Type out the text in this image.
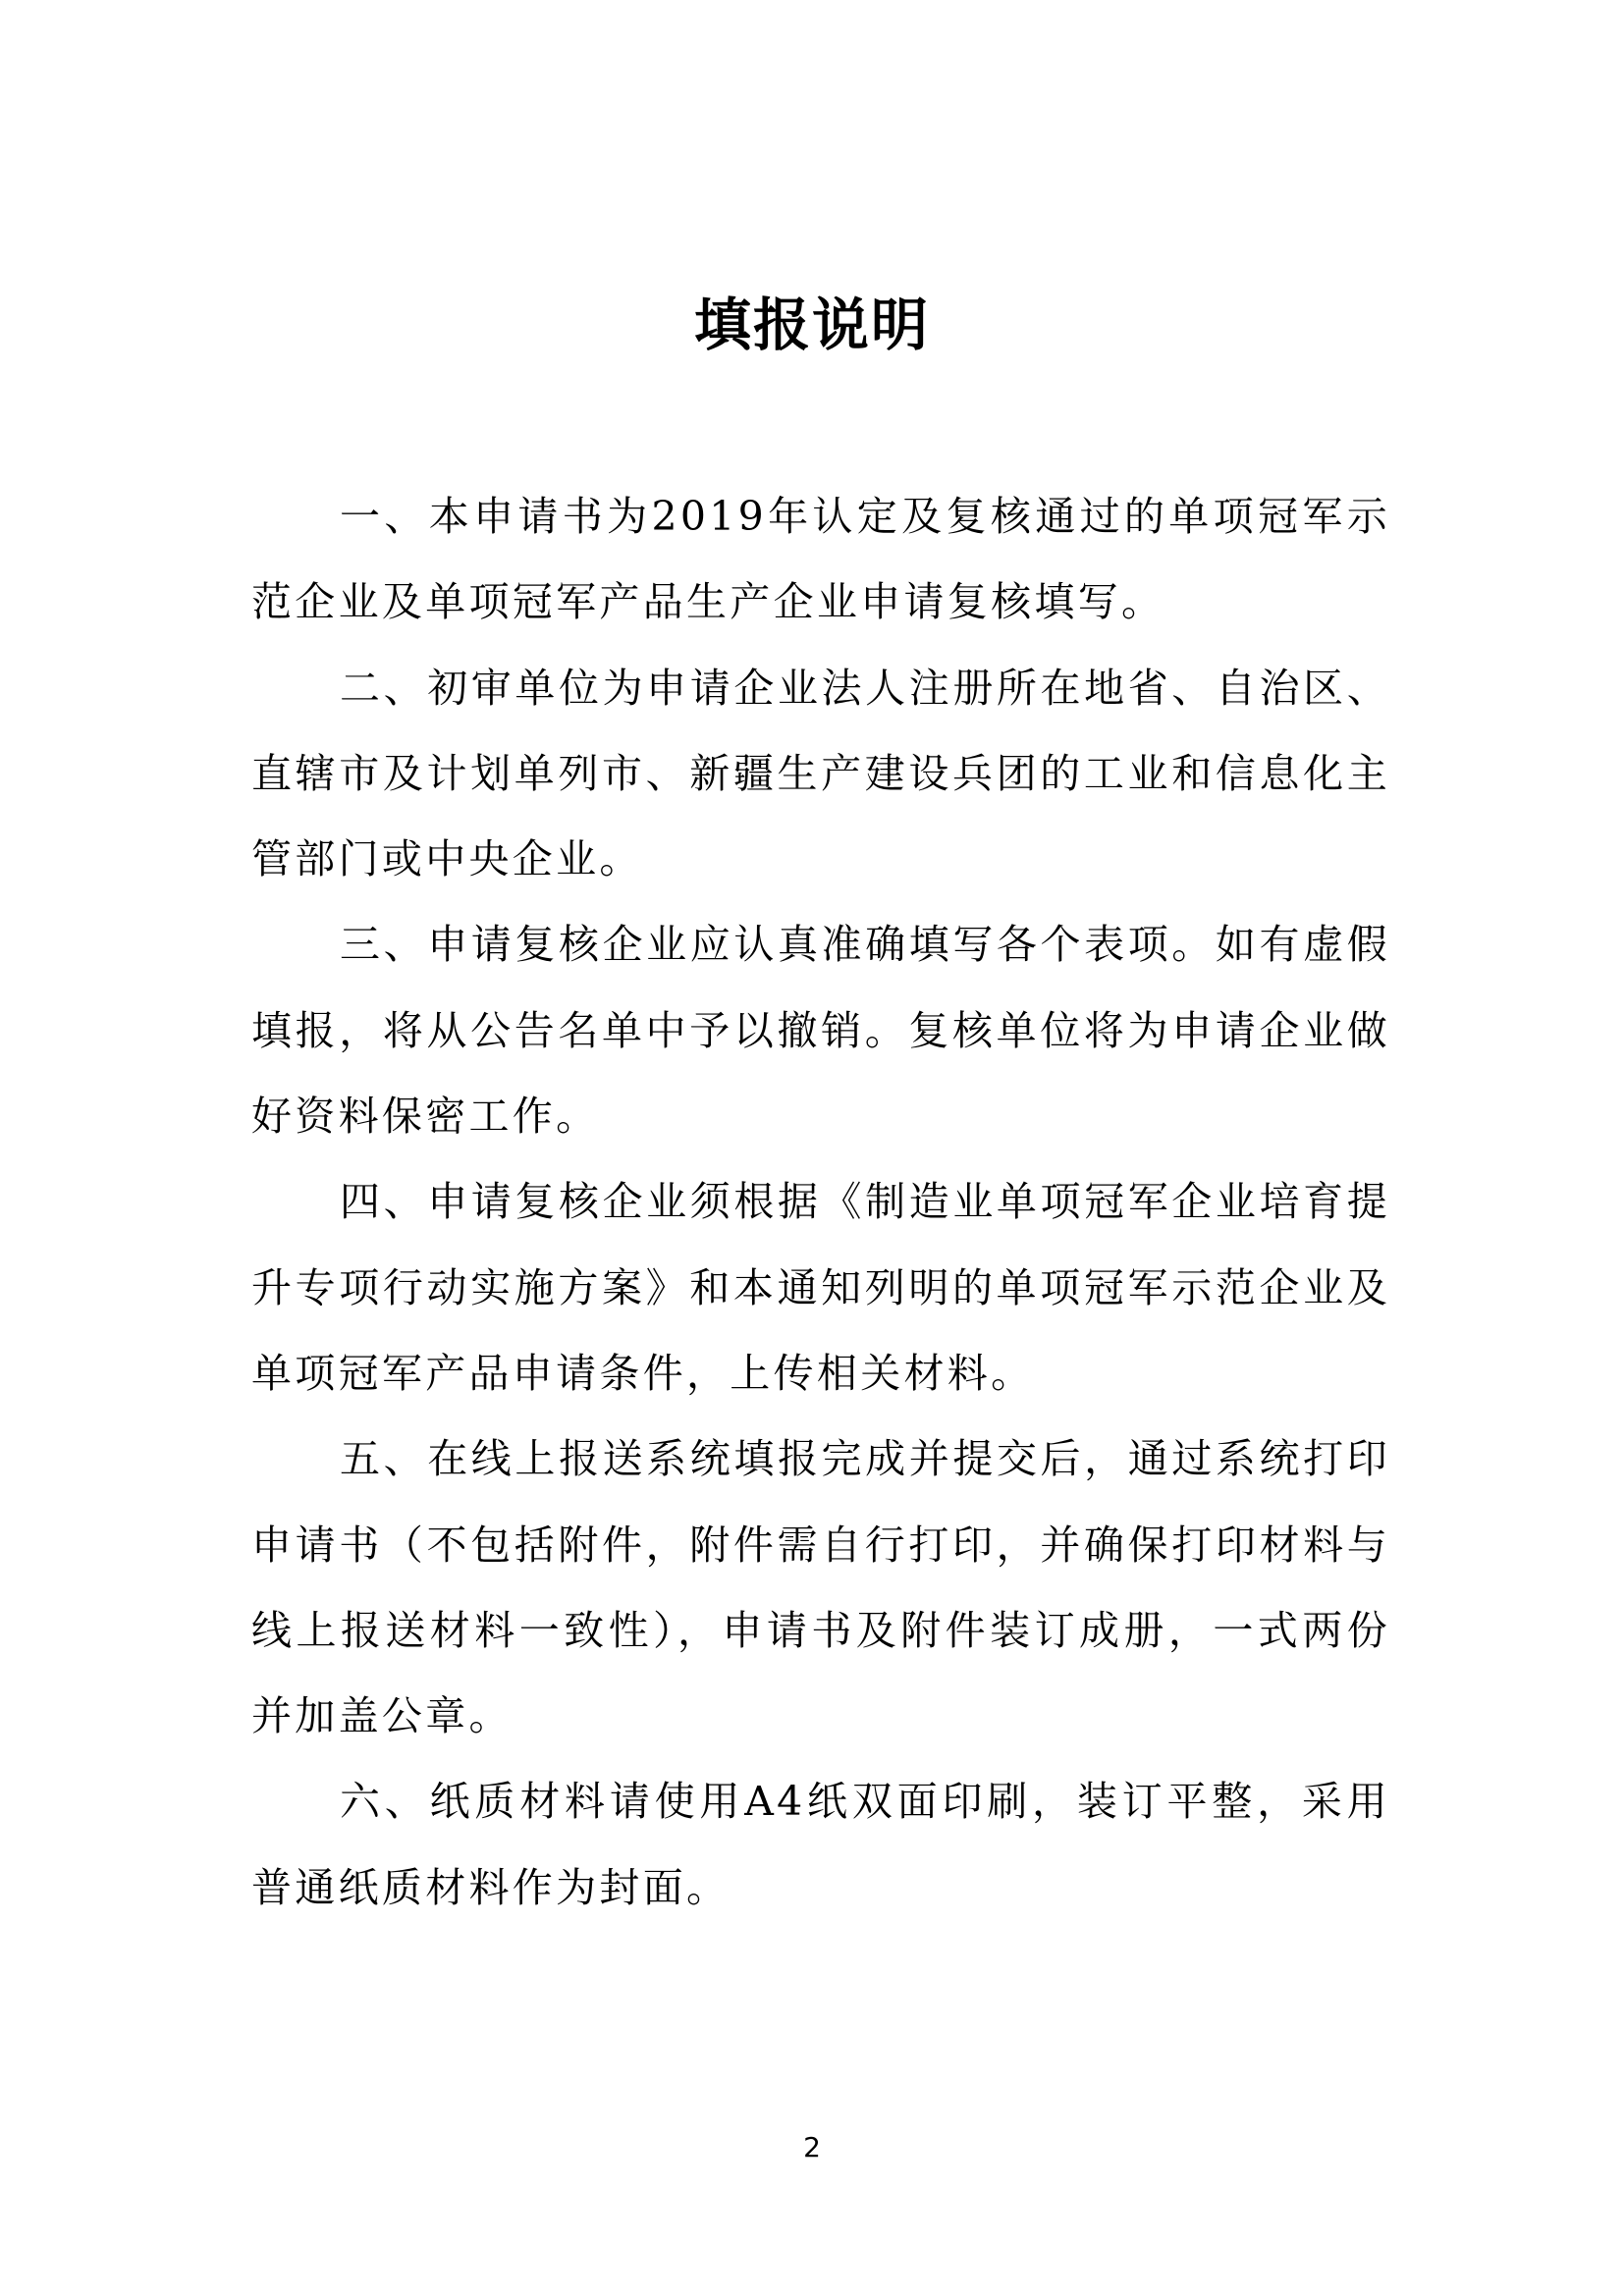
填报说明

一、本申请书为2019年认定及复核通过的单项冠军示范企业及单项冠军产品生产企业申请复核填写。

二、初审单位为申请企业法人注册所在地省、自治区、直辖市及计划单列市、新疆生产建设兵团的工业和信息化主管部门或中央企业。

三、申请复核企业应认真准确填写各个表项。如有虚假填报，将从公告名单中予以撤销。复核单位将为申请企业做好资料保密工作。

四、申请复核企业须根据《制造业单项冠军企业培育提升专项行动实施方案》和本通知列明的单项冠军示范企业及单项冠军产品申请条件，上传相关材料。

五、在线上报送系统填报完成并提交后，通过系统打印申请书（不包括附件，附件需自行打印，并确保打印材料与线上报送材料一致性），申请书及附件装订成册，一式两份并加盖公章。

六、纸质材料请使用A4纸双面印刷，装订平整，采用普通纸质材料作为封面。

2
